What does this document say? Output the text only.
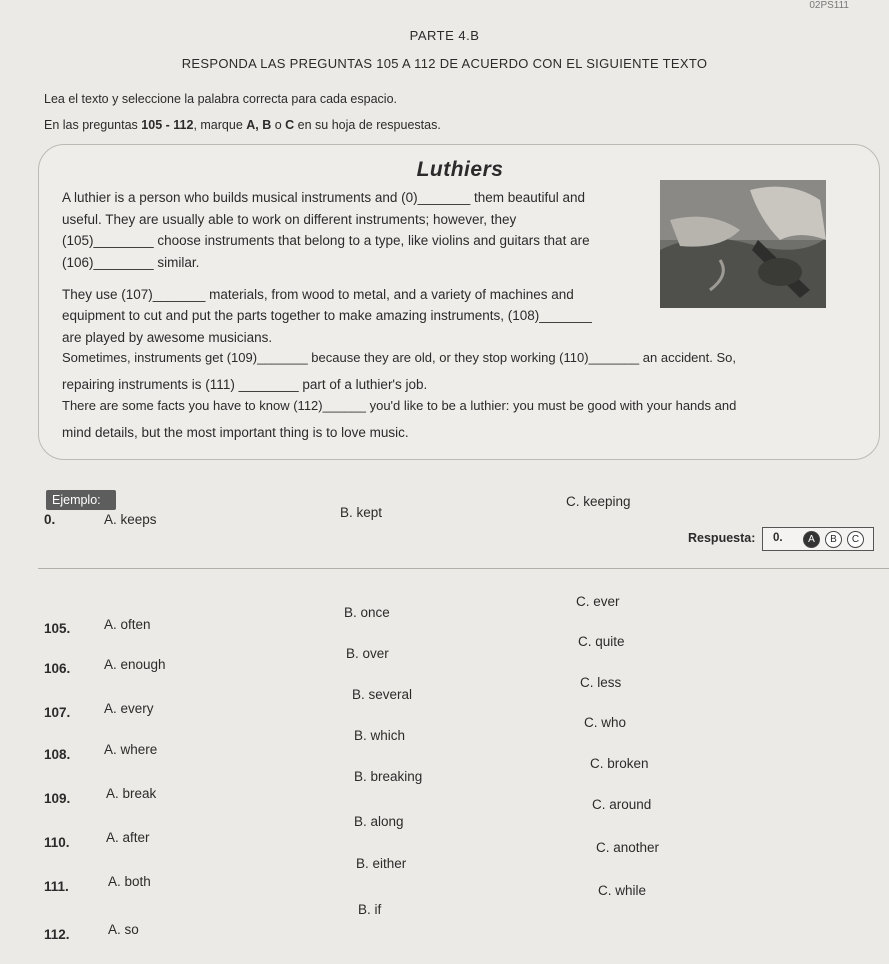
02PS111
PARTE 4.B
RESPONDA LAS PREGUNTAS 105 A 112 DE ACUERDO CON EL SIGUIENTE TEXTO
Lea el texto y seleccione la palabra correcta para cada espacio.
En las preguntas 105 - 112, marque A, B o C en su hoja de respuestas.
Luthiers
A luthier is a person who builds musical instruments and (0)_______ them beautiful and
useful. They are usually able to work on different instruments; however, they
(105)________ choose instruments that belong to a type, like violins and guitars that are
(106)________ similar.
They use (107)_______ materials, from wood to metal, and a variety of machines and
equipment to cut and put the parts together to make amazing instruments, (108)_______
are played by awesome musicians.
Sometimes, instruments get (109)_______ because they are old, or they stop working (110)_______ an accident. So,
repairing instruments is (111) ________ part of a luthier's job.
There are some facts you have to know (112)______ you'd like to be a luthier: you must be good with your hands and
mind details, but the most important thing is to love music.
Ejemplo:
0.	A. keeps	B. kept
C. keeping
Respuesta: 0.	A	B	C
105. A. often
B. once
C. ever
106. A. enough
B. over
C. quite
107. A. every
B. several
C. less
108. A. where
B. which
C. who
109.	A. break
B. breaking
C. broken
110.	A. after
B. along
C. around
111.	A. both
B. either
C. another
112.	A. so
B. if
C. while
